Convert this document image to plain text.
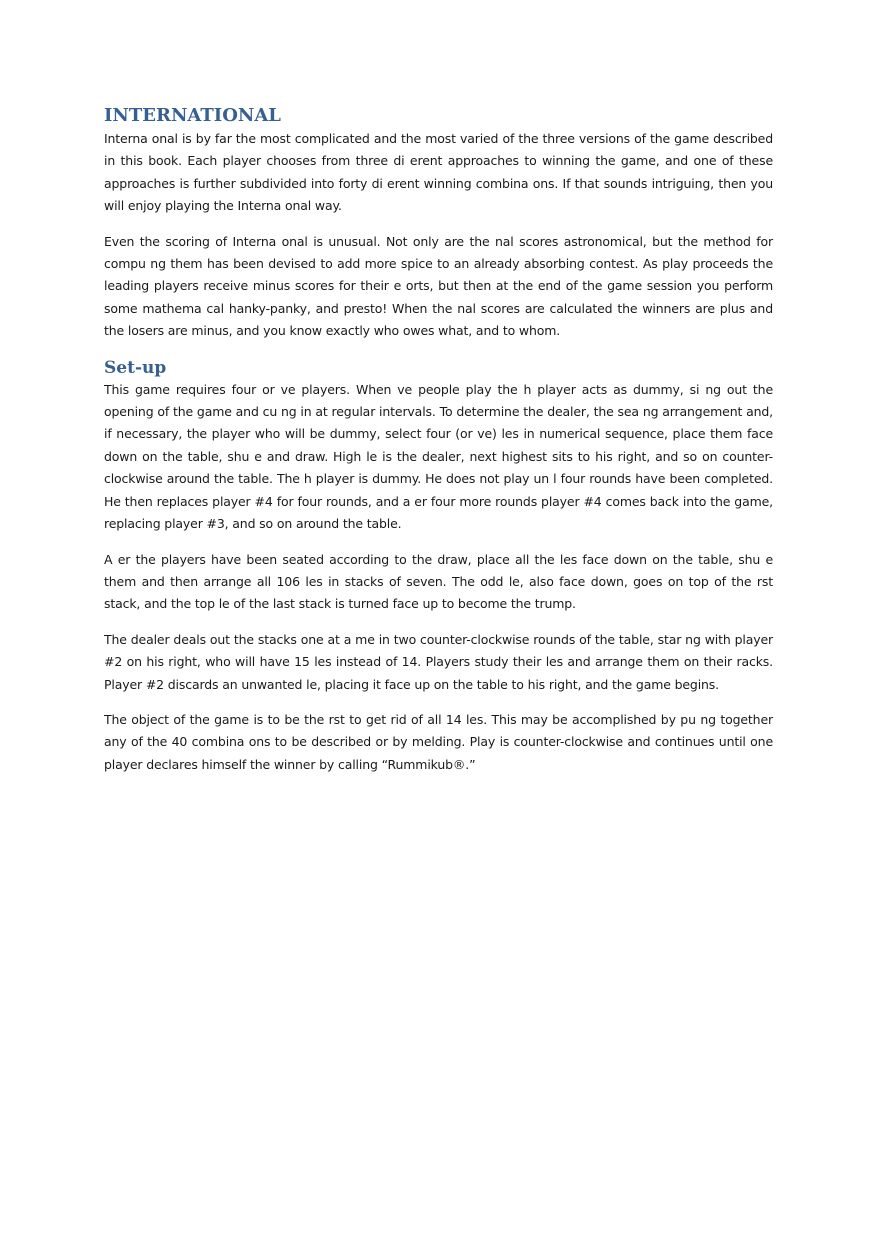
INTERNATIONAL

Interna onal is by far the most complicated and the most varied of the three versions of the game described in this book. Each player chooses from three di erent approaches to winning the game, and one of these approaches is further subdivided into forty di erent winning combina ons. If that sounds intriguing, then you will enjoy playing the Interna onal way.

Even the scoring of Interna onal is unusual. Not only are the nal scores astronomical, but the method for compu ng them has been devised to add more spice to an already absorbing contest. As play proceeds the leading players receive minus scores for their e orts, but then at the end of the game session you perform some mathema cal hanky-panky, and presto! When the nal scores are calculated the winners are plus and the losers are minus, and you know exactly who owes what, and to whom.

Set-up

This game requires four or ve players. When ve people play the h player acts as dummy, si ng out the opening of the game and cu ng in at regular intervals. To determine the dealer, the sea ng arrangement and, if necessary, the player who will be dummy, select four (or ve) les in numerical sequence, place them face down on the table, shu e and draw. High le is the dealer, next highest sits to his right, and so on counter-clockwise around the table. The h player is dummy. He does not play un l four rounds have been completed. He then replaces player #4 for four rounds, and a er four more rounds player #4 comes back into the game, replacing player #3, and so on around the table.

A er the players have been seated according to the draw, place all the les face down on the table, shu e them and then arrange all 106 les in stacks of seven. The odd le, also face down, goes on top of the rst stack, and the top le of the last stack is turned face up to become the trump.

The dealer deals out the stacks one at a me in two counter-clockwise rounds of the table, star ng with player #2 on his right, who will have 15 les instead of 14. Players study their les and arrange them on their racks. Player #2 discards an unwanted le, placing it face up on the table to his right, and the game begins.

The object of the game is to be the rst to get rid of all 14 les. This may be accomplished by pu ng together any of the 40 combina ons to be described or by melding. Play is counter-clockwise and continues until one player declares himself the winner by calling “Rummikub®.”
